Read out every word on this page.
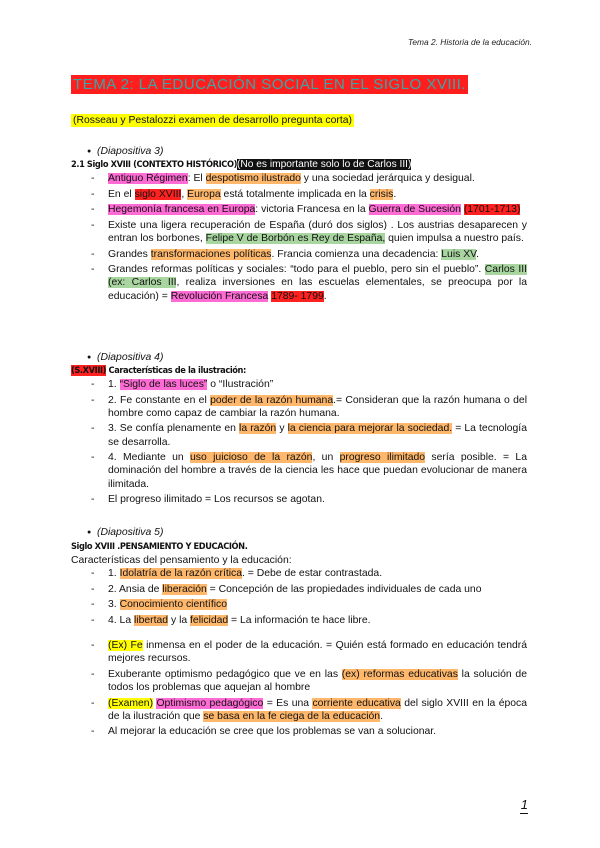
Tema 2. Historia de la educación.
TEMA 2: LA EDUCACIÓN SOCIAL EN EL SIGLO XVIII.
(Rosseau y Pestalozzi examen de desarrollo pregunta corta)

● (Diapositiva 3)

2.1 Siglo XVIII (CONTEXTO HISTÓRICO)(No es importante solo lo de Carlos III)

- Antiguo Régimen: El despotismo ilustrado y una sociedad jerárquica y desigual.
- En el siglo XVIII, Europa está totalmente implicada en la crisis.
- Hegemonía francesa en Europa: victoria Francesa en la Guerra de Sucesión (1701-1713)
- Existe una ligera recuperación de España (duró dos siglos) . Los austrias desaparecen y entran los borbones, Felipe V de Borbón es Rey de España, quien impulsa a nuestro país.
- Grandes transformaciones políticas. Francia comienza una decadencia: Luis XV.
- Grandes reformas políticas y sociales: “todo para el pueblo, pero sin el pueblo”. Carlos III (ex: Carlos III, realiza inversiones en las escuelas elementales, se preocupa por la educación) = Revolución Francesa 1789- 1799.

● (Diapositiva 4)

(S.XVIII) Características de la ilustración:

- 1. “Siglo de las luces” o “Ilustración”
- 2. Fe constante en el poder de la razón humana.= Consideran que la razón humana o del hombre como capaz de cambiar la razón humana.
- 3. Se confía plenamente en la razón y la ciencia para mejorar la sociedad. = La tecnología se desarrolla.
- 4. Mediante un uso juicioso de la razón, un progreso ilimitado sería posible. = La dominación del hombre a través de la ciencia les hace que puedan evolucionar de manera ilimitada.
- El progreso ilimitado = Los recursos se agotan.

● (Diapositiva 5)

Siglo XVIII .PENSAMIENTO Y EDUCACIÓN.

Características del pensamiento y la educación:

- 1. Idolatría de la razón crítica. = Debe de estar contrastada.
- 2. Ansia de liberación = Concepción de las propiedades individuales de cada uno
- 3. Conocimiento científico
- 4. La libertad y la felicidad = La información te hace libre.
- (Ex) Fe inmensa en el poder de la educación. = Quién está formado en educación tendrá mejores recursos.
- Exuberante optimismo pedagógico que ve en las (ex) reformas educativas la solución de todos los problemas que aquejan al hombre
- (Examen) Optimismo pedagógico = Es una corriente educativa del siglo XVIII en la época de la ilustración que se basa en la fe ciega de la educación.
- Al mejorar la educación se cree que los problemas se van a solucionar.
1
